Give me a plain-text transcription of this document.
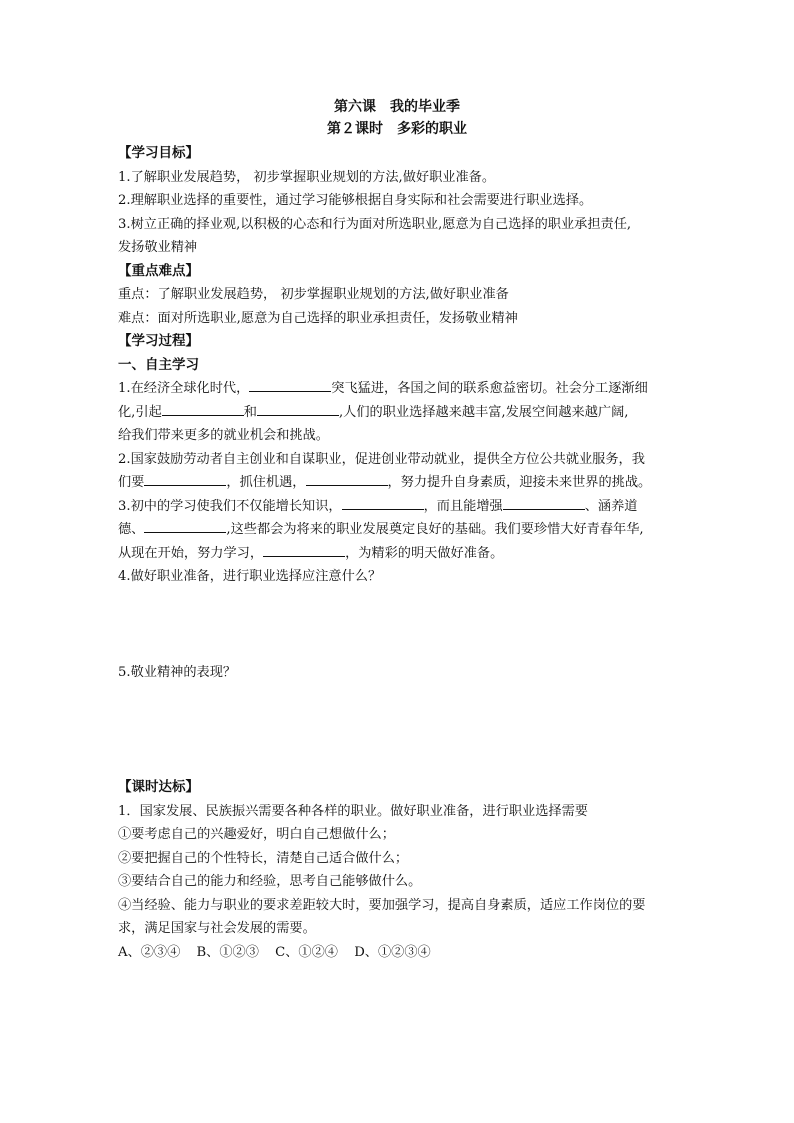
第六课　我的毕业季
第２课时　多彩的职业
【学习目标】
1.了解职业发展趋势， 初步掌握职业规划的方法,做好职业准备。
2.理解职业选择的重要性，通过学习能够根据自身实际和社会需要进行职业选择。
3.树立正确的择业观,以积极的心态和行为面对所选职业,愿意为自己选择的职业承担责任,
发扬敬业精神
【重点难点】
重点：了解职业发展趋势， 初步掌握职业规划的方法,做好职业准备
难点：面对所选职业,愿意为自己选择的职业承担责任，发扬敬业精神
【学习过程】
一、自主学习
1.在经济全球化时代，	突飞猛进，各国之间的联系愈益密切。社会分工逐渐细
化,引起	和	,人们的职业选择越来越丰富,发展空间越来越广阔,
给我们带来更多的就业机会和挑战。
2.国家鼓励劳动者自主创业和自谋职业，促进创业带动就业，提供全方位公共就业服务，我
们要	，抓住机遇，	，努力提升自身素质，迎接未来世界的挑战。
3.初中的学习使我们不仅能增长知识，	，而且能增强	、涵养道
德、	,这些都会为将来的职业发展奠定良好的基础。我们要珍惜大好青春年华,
从现在开始，努力学习，	，为精彩的明天做好准备。
4.做好职业准备，进行职业选择应注意什么？
5.敬业精神的表现？
【课时达标】
1．国家发展、民族振兴需要各种各样的职业。做好职业准备，进行职业选择需要
①要考虑自己的兴趣爱好，明白自己想做什么；
②要把握自己的个性特长，清楚自己适合做什么；
③要结合自己的能力和经验，思考自己能够做什么。
④当经验、能力与职业的要求差距较大时，要加强学习，提高自身素质，适应工作岗位的要
求，满足国家与社会发展的需要。
A、②③④ B、①②③ C、①②④ D、①②③④
